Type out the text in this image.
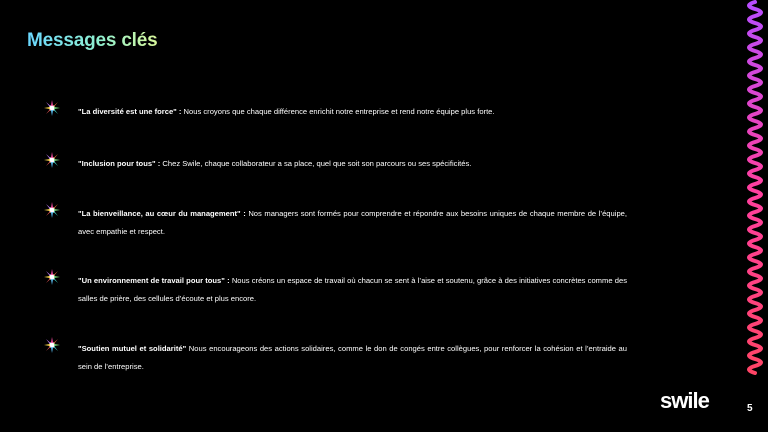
Messages clés
"La diversité est une force" : Nous croyons que chaque différence enrichit notre entreprise et rend notre équipe plus forte.
"Inclusion pour tous" : Chez Swile, chaque collaborateur a sa place, quel que soit son parcours ou ses spécificités.
"La bienveillance, au cœur du management" : Nos managers sont formés pour comprendre et répondre aux besoins uniques de chaque membre de l’équipe, avec empathie et respect.
"Un environnement de travail pour tous" : Nous créons un espace de travail où chacun se sent à l’aise et soutenu, grâce à des initiatives concrètes comme des salles de prière, des cellules d’écoute et plus encore.
"Soutien mutuel et solidarité" Nous encourageons des actions solidaires, comme le don de congés entre collègues, pour renforcer la cohésion et l’entraide au sein de l’entreprise.
swile	5
